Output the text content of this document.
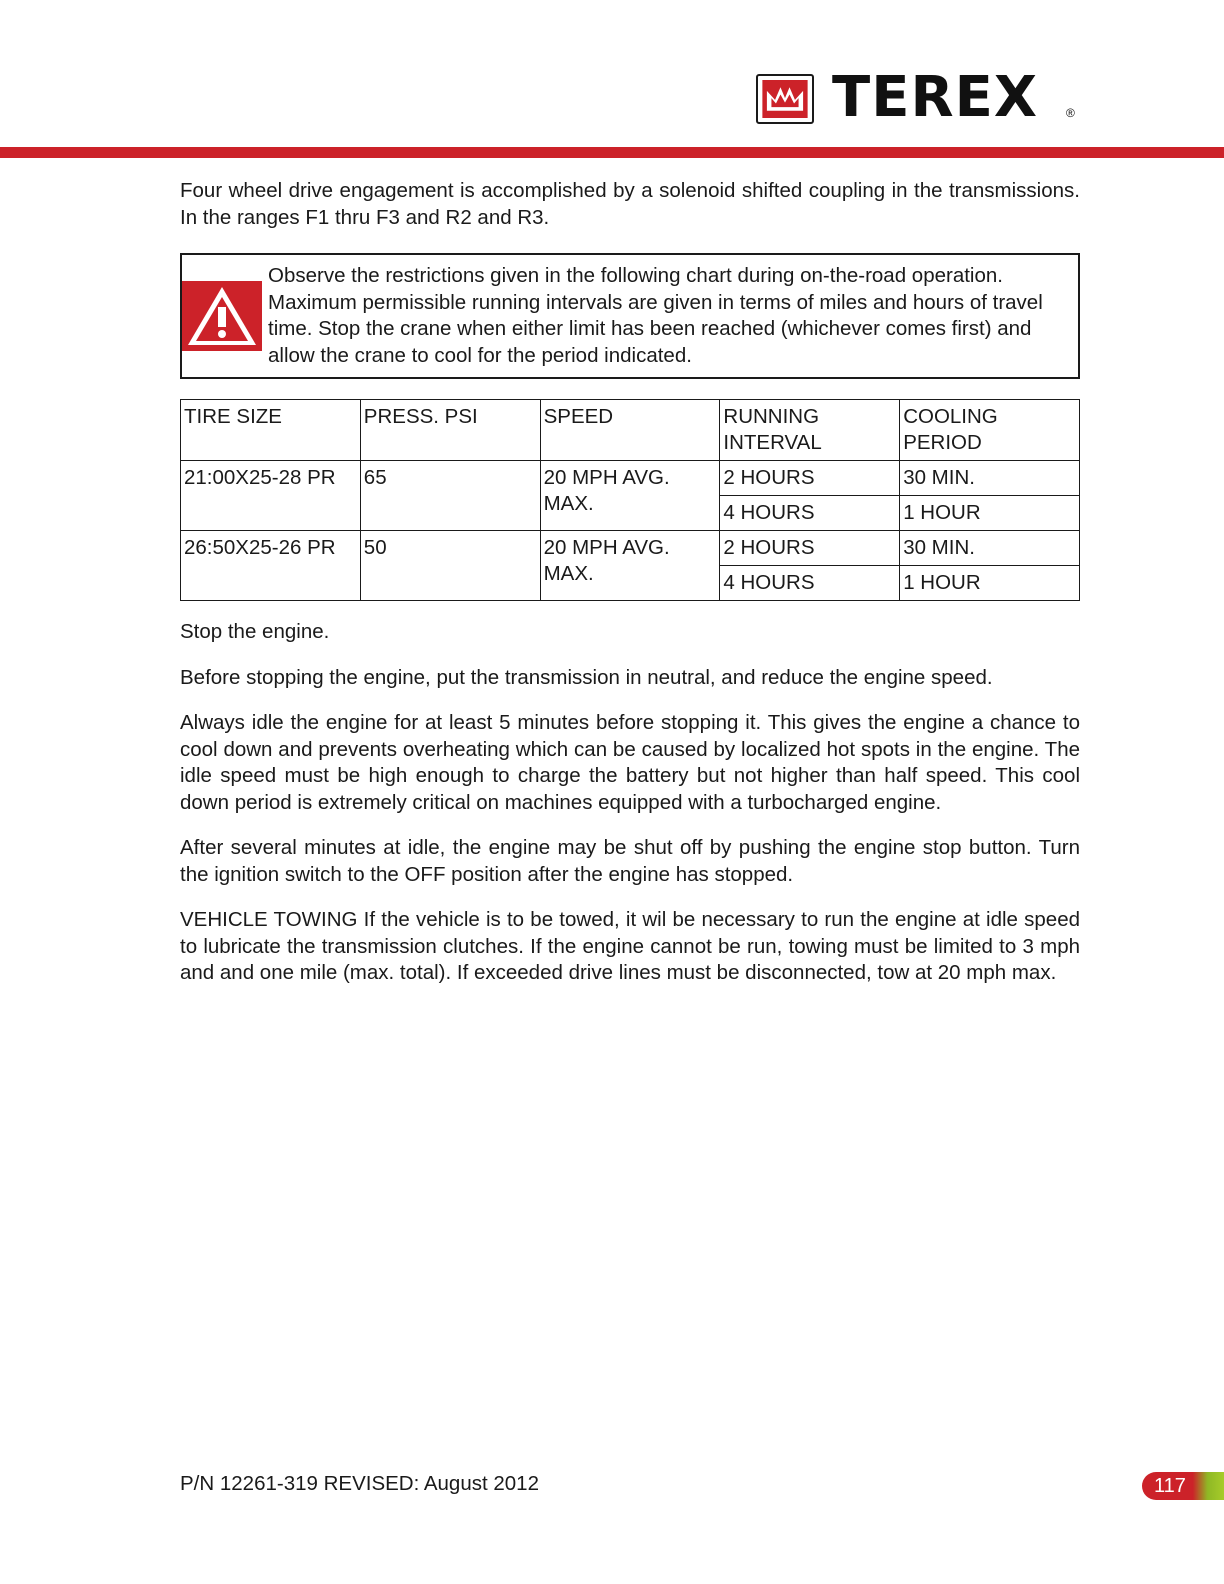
TEREX ®

Four wheel drive engagement is accomplished by a solenoid shifted coupling in the transmissions. In the ranges F1 thru F3 and R2 and R3.

Observe the restrictions given in the following chart during on-the-road operation. Maximum permissible running intervals are given in terms of miles and hours of travel time. Stop the crane when either limit has been reached (whichever comes first) and allow the crane to cool for the period indicated.
TIRE SIZE	PRESS. PSI	SPEED	RUNNING INTERVAL	COOLING PERIOD
21:00X25-28 PR	65	20 MPH AVG. MAX.	2 HOURS	30 MIN.
			4 HOURS	1 HOUR
26:50X25-26 PR	50	20 MPH AVG. MAX.	2 HOURS	30 MIN.
			4 HOURS	1 HOUR

Stop the engine.

Before stopping the engine, put the transmission in neutral, and reduce the engine speed.

Always idle the engine for at least 5 minutes before stopping it. This gives the engine a chance to cool down and prevents overheating which can be caused by localized hot spots in the engine. The idle speed must be high enough to charge the battery but not higher than half speed. This cool down period is extremely critical on machines equipped with a turbocharged engine.

After several minutes at idle, the engine may be shut off by pushing the engine stop button. Turn the ignition switch to the OFF position after the engine has stopped.

VEHICLE TOWING If the vehicle is to be towed, it wil be necessary to run the engine at idle speed to lubricate the transmission clutches. If the engine cannot be run, towing must be limited to 3 mph and and one mile (max. total). If exceeded drive lines must be disconnected, tow at 20 mph max.

P/N 12261-319 REVISED: August 2012	117
